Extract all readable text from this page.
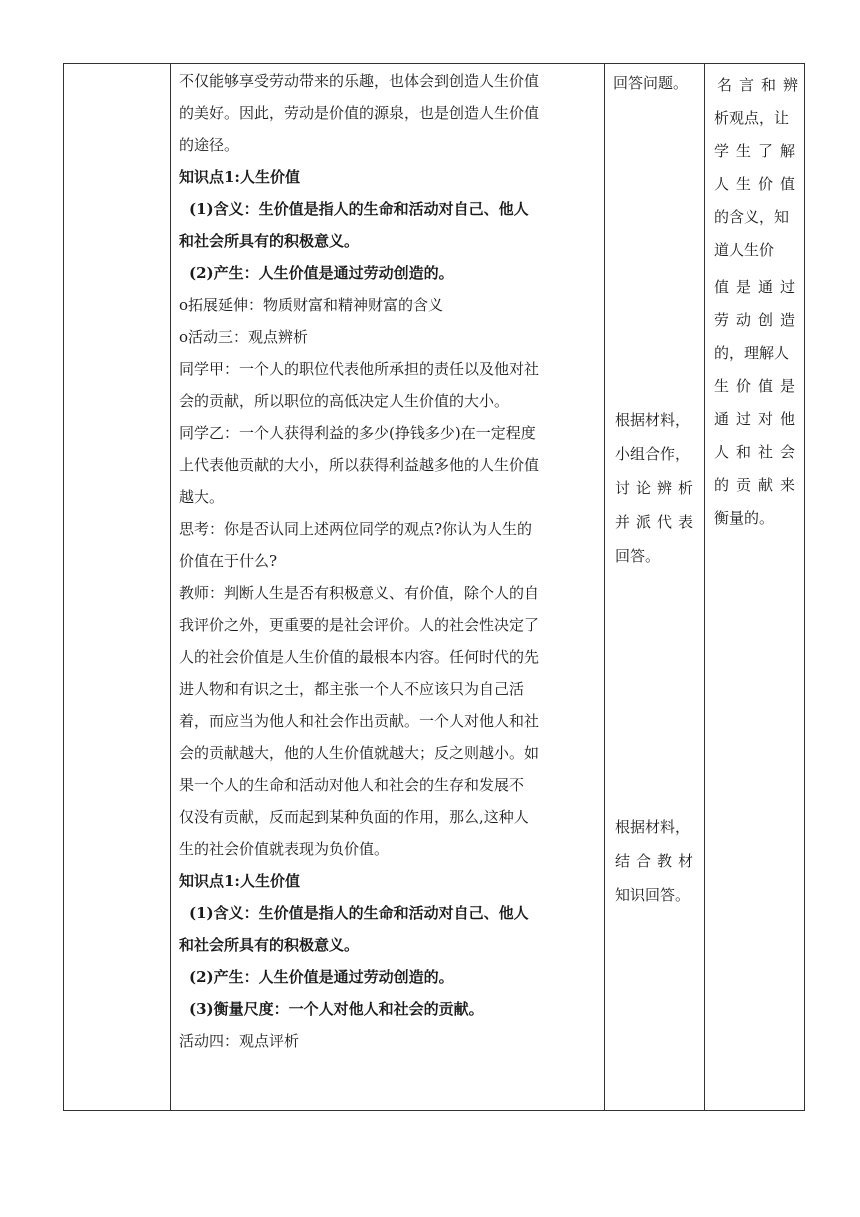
不仅能够享受劳动带来的乐趣，也体会到创造人生价值
的美好。因此，劳动是价值的源泉，也是创造人生价值
的途径。
知识点1:人生价值
(1)含义：生价值是指人的生命和活动对自己、他人
和社会所具有的积极意义。
(2)产生：人生价值是通过劳动创造的。
o拓展延伸：物质财富和精神财富的含义
o活动三：观点辨析
同学甲：一个人的职位代表他所承担的责任以及他对社
会的贡献，所以职位的高低决定人生价值的大小。
同学乙：一个人获得利益的多少(挣钱多少)在一定程度
上代表他贡献的大小，所以获得利益越多他的人生价值
越大。
思考：你是否认同上述两位同学的观点?你认为人生的
价值在于什么?
教师：判断人生是否有积极意义、有价值，除个人的自
我评价之外，更重要的是社会评价。人的社会性决定了
人的社会价值是人生价值的最根本内容。任何时代的先
进人物和有识之士，都主张一个人不应该只为自己活
着，而应当为他人和社会作出贡献。一个人对他人和社
会的贡献越大，他的人生价值就越大；反之则越小。如
果一个人的生命和活动对他人和社会的生存和发展不
仅没有贡献，反而起到某种负面的作用，那么,这种人
生的社会价值就表现为负价值。
知识点1:人生价值
(1)含义：生价值是指人的生命和活动对自己、他人
和社会所具有的积极意义。
(2)产生：人生价值是通过劳动创造的。
(3)衡量尺度：一个人对他人和社会的贡献。
活动四：观点评析

回答问题。
根据材料，
小组合作，
讨论辨析
并派代表
回答。
根据材料，
结合教材
知识回答。

名言和辨
析观点，让
学生了解
人生价值
的含义，知
道人生价
值是通过
劳动创造
的，理解人
生价值是
通过对他
人和社会
的贡献来
衡量的。
